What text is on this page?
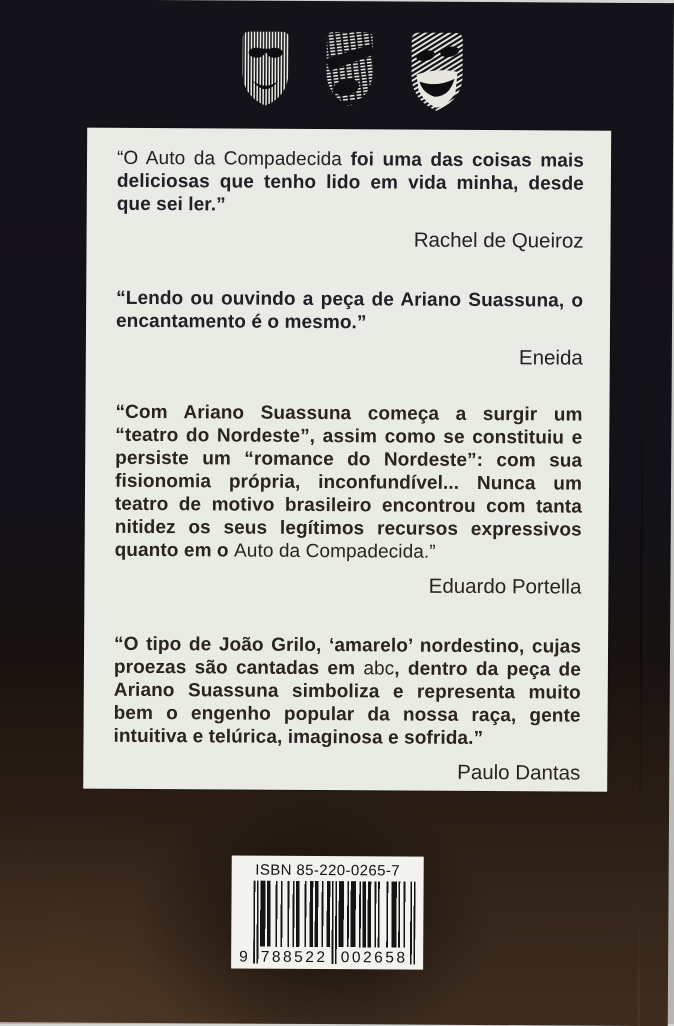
“O Auto da Compadecida foi uma das coisas mais deliciosas que tenho lido em vida minha, desde que sei ler.”

Rachel de Queiroz

“Lendo ou ouvindo a peça de Ariano Suassuna, o encantamento é o mesmo.”

Eneida

“Com Ariano Suassuna começa a surgir um “teatro do Nordeste”, assim como se constituiu e persiste um “romance do Nordeste”: com sua fisionomia própria, inconfundível... Nunca um teatro de motivo brasileiro encontrou com tanta nitidez os seus legítimos recursos expressivos quanto em o Auto da Compadecida.”

Eduardo Portella

“O tipo de João Grilo, ‘amarelo’ nordestino, cujas proezas são cantadas em abc, dentro da peça de Ariano Suassuna simboliza e representa muito bem o engenho popular da nossa raça, gente intuitiva e telúrica, imaginosa e sofrida.”

Paulo Dantas
ISBN 85-220-0265-7
9 788522 002658
